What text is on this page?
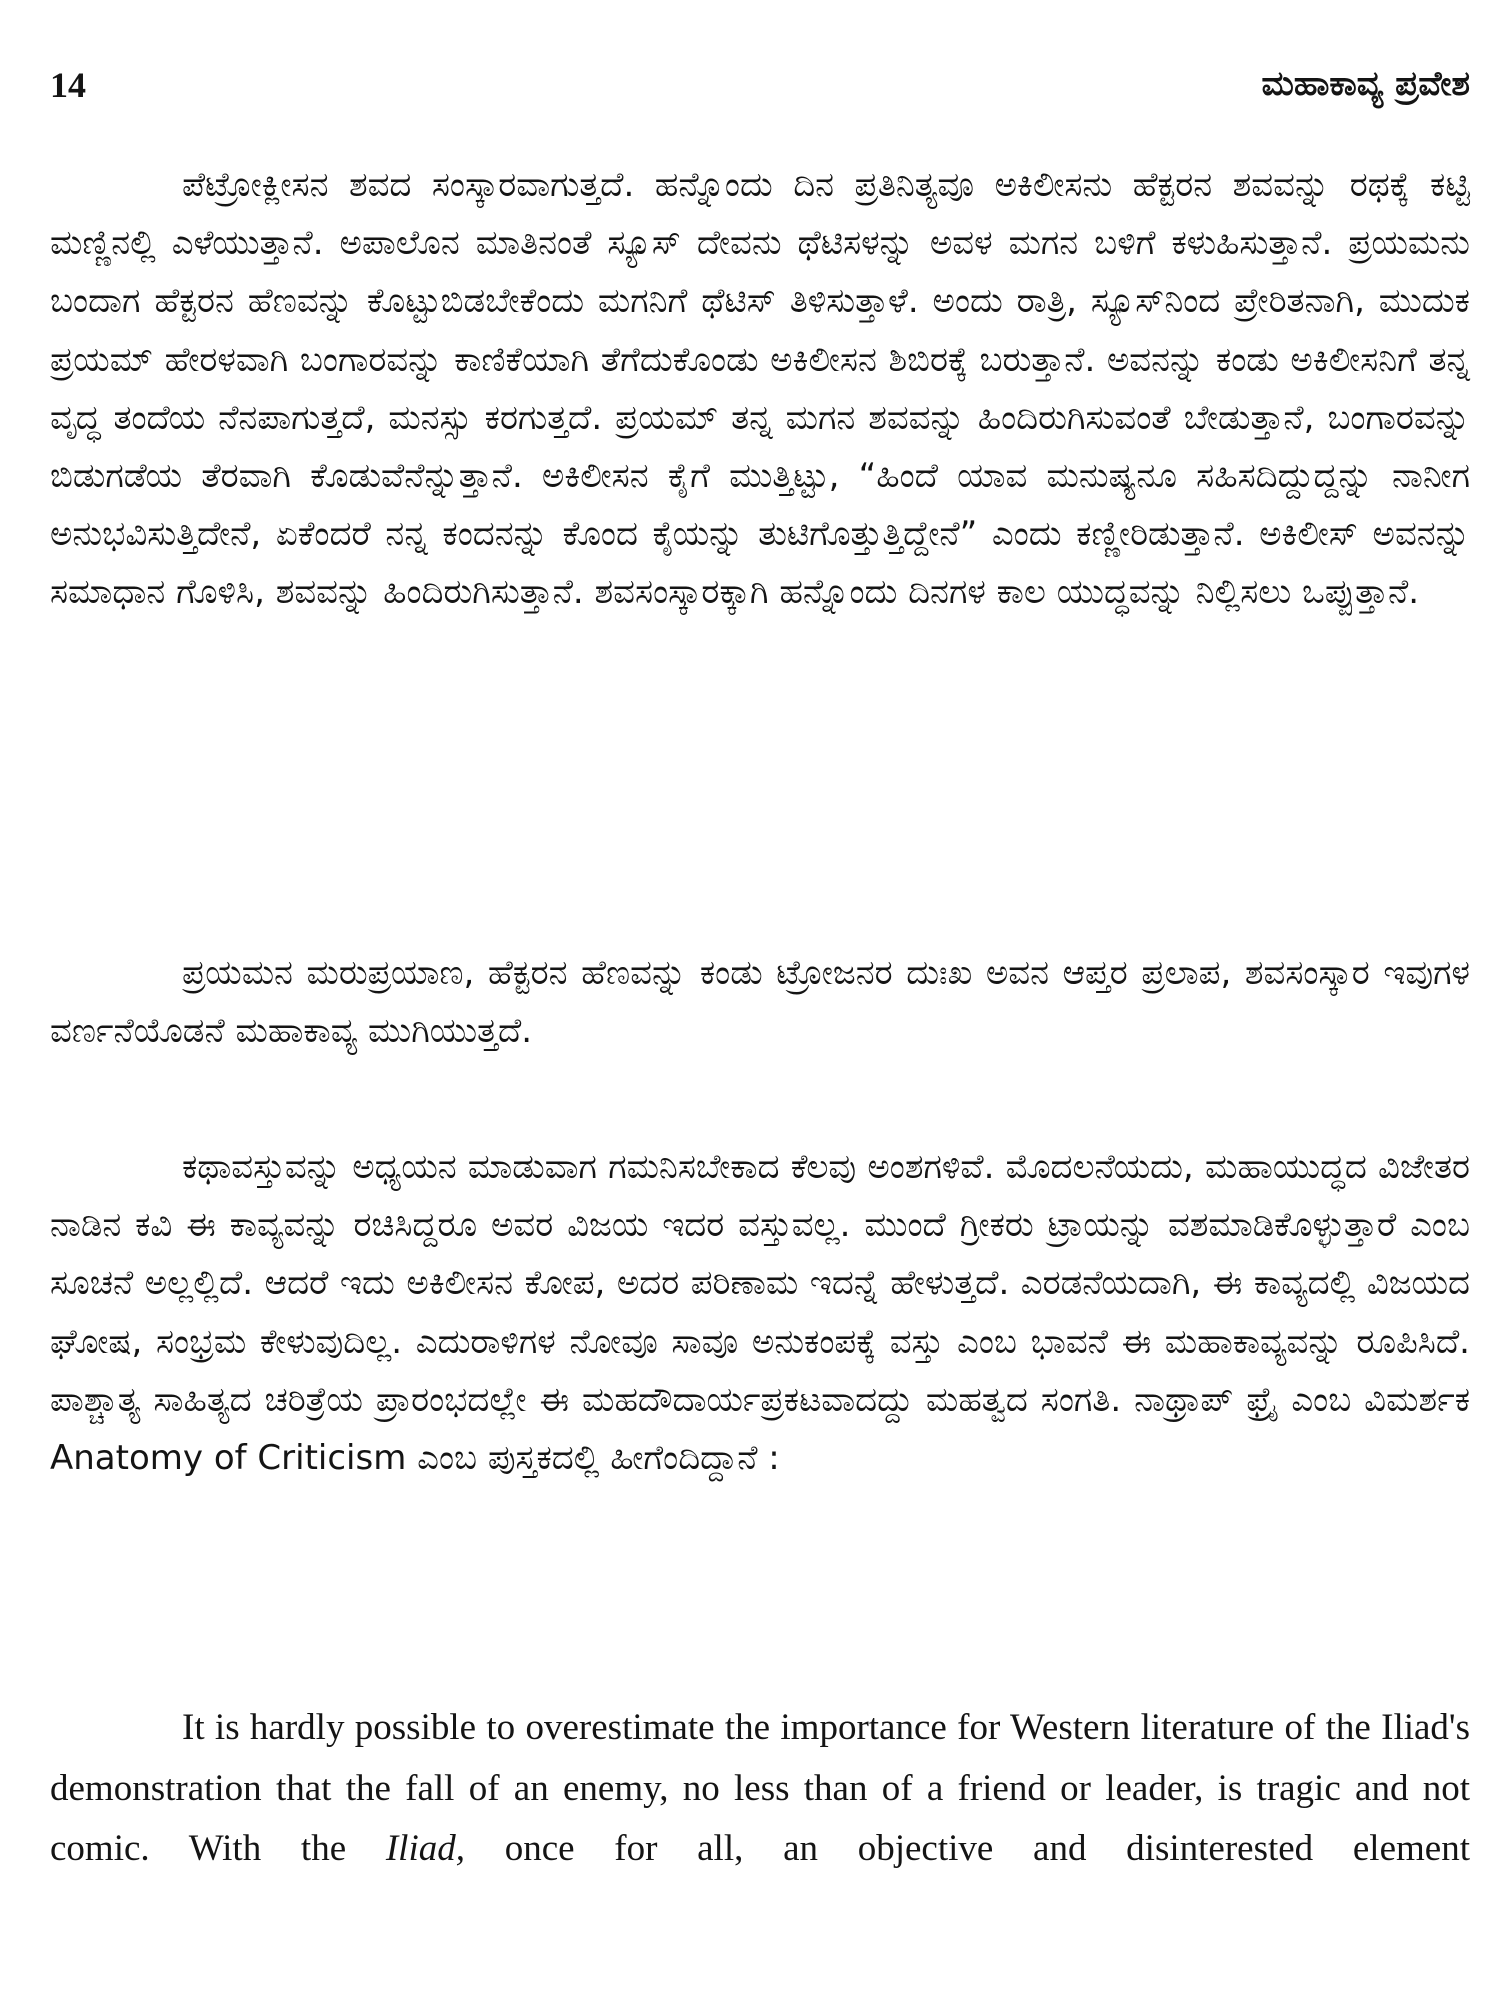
14	ಮಹಾಕಾವ್ಯ ಪ್ರವೇಶ

ಪೆಟ್ರೋಕ್ಲೀಸನ ಶವದ ಸಂಸ್ಕಾರವಾಗುತ್ತದೆ. ಹನ್ನೊಂದು ದಿನ ಪ್ರತಿನಿತ್ಯವೂ ಅಕಿಲೀಸನು ಹೆಕ್ಟರನ ಶವವನ್ನು ರಥಕ್ಕೆ ಕಟ್ಟಿ ಮಣ್ಣಿನಲ್ಲಿ ಎಳೆಯುತ್ತಾನೆ. ಅಪಾಲೊನ ಮಾತಿನಂತೆ ಸ್ಯೂಸ್ ದೇವನು ಥೆಟಿಸಳನ್ನು ಅವಳ ಮಗನ ಬಳಿಗೆ ಕಳುಹಿಸುತ್ತಾನೆ. ಪ್ರಯಮನು ಬಂದಾಗ ಹೆಕ್ಟರನ ಹೆಣವನ್ನು ಕೊಟ್ಟುಬಿಡಬೇಕೆಂದು ಮಗನಿಗೆ ಥೆಟಿಸ್ ತಿಳಿಸುತ್ತಾಳೆ. ಅಂದು ರಾತ್ರಿ, ಸ್ಯೂಸ್‌ನಿಂದ ಪ್ರೇರಿತನಾಗಿ, ಮುದುಕ ಪ್ರಯಮ್ ಹೇರಳವಾಗಿ ಬಂಗಾರವನ್ನು ಕಾಣಿಕೆಯಾಗಿ ತೆಗೆದುಕೊಂಡು ಅಕಿಲೀಸನ ಶಿಬಿರಕ್ಕೆ ಬರುತ್ತಾನೆ. ಅವನನ್ನು ಕಂಡು ಅಕಿಲೀಸನಿಗೆ ತನ್ನ ವೃದ್ಧ ತಂದೆಯ ನೆನಪಾಗುತ್ತದೆ, ಮನಸ್ಸು ಕರಗುತ್ತದೆ. ಪ್ರಯಮ್ ತನ್ನ ಮಗನ ಶವವನ್ನು ಹಿಂದಿರುಗಿಸುವಂತೆ ಬೇಡುತ್ತಾನೆ, ಬಂಗಾರವನ್ನು ಬಿಡುಗಡೆಯ ತೆರವಾಗಿ ಕೊಡುವೆನೆನ್ನುತ್ತಾನೆ. ಅಕಿಲೀಸನ ಕೈಗೆ ಮುತ್ತಿಟ್ಟು, “ಹಿಂದೆ ಯಾವ ಮನುಷ್ಯನೂ ಸಹಿಸದಿದ್ದುದ್ದನ್ನು ನಾನೀಗ ಅನುಭವಿಸುತ್ತಿದೇನೆ, ಏಕೆಂದರೆ ನನ್ನ ಕಂದನನ್ನು ಕೊಂದ ಕೈಯನ್ನು ತುಟಿಗೊತ್ತುತ್ತಿದ್ದೇನೆ” ಎಂದು ಕಣ್ಣೀರಿಡುತ್ತಾನೆ. ಅಕಿಲೀಸ್ ಅವನನ್ನು ಸಮಾಧಾನ ಗೊಳಿಸಿ, ಶವವನ್ನು ಹಿಂದಿರುಗಿಸುತ್ತಾನೆ. ಶವಸಂಸ್ಕಾರಕ್ಕಾಗಿ ಹನ್ನೊಂದು ದಿನಗಳ ಕಾಲ ಯುದ್ಧವನ್ನು ನಿಲ್ಲಿಸಲು ಒಪ್ಪುತ್ತಾನೆ.

ಪ್ರಯಮನ ಮರುಪ್ರಯಾಣ, ಹೆಕ್ಟರನ ಹೆಣವನ್ನು ಕಂಡು ಟ್ರೋಜನರ ದುಃಖ ಅವನ ಆಪ್ತರ ಪ್ರಲಾಪ, ಶವಸಂಸ್ಕಾರ ಇವುಗಳ ವರ್ಣನೆಯೊಡನೆ ಮಹಾಕಾವ್ಯ ಮುಗಿಯುತ್ತದೆ.

ಕಥಾವಸ್ತುವನ್ನು ಅಧ್ಯಯನ ಮಾಡುವಾಗ ಗಮನಿಸಬೇಕಾದ ಕೆಲವು ಅಂಶಗಳಿವೆ. ಮೊದಲನೆಯದು, ಮಹಾಯುದ್ಧದ ವಿಜೇತರ ನಾಡಿನ ಕವಿ ಈ ಕಾವ್ಯವನ್ನು ರಚಿಸಿದ್ದರೂ ಅವರ ವಿಜಯ ಇದರ ವಸ್ತುವಲ್ಲ. ಮುಂದೆ ಗ್ರೀಕರು ಟ್ರಾಯನ್ನು ವಶಮಾಡಿಕೊಳ್ಳುತ್ತಾರೆ ಎಂಬ ಸೂಚನೆ ಅಲ್ಲಲ್ಲಿದೆ. ಆದರೆ ಇದು ಅಕಿಲೀಸನ ಕೋಪ, ಅದರ ಪರಿಣಾಮ ಇದನ್ನೆ ಹೇಳುತ್ತದೆ. ಎರಡನೆಯದಾಗಿ, ಈ ಕಾವ್ಯದಲ್ಲಿ ವಿಜಯದ ಘೋಷ, ಸಂಭ್ರಮ ಕೇಳುವುದಿಲ್ಲ. ಎದುರಾಳಿಗಳ ನೋವೂ ಸಾವೂ ಅನುಕಂಪಕ್ಕೆ ವಸ್ತು ಎಂಬ ಭಾವನೆ ಈ ಮಹಾಕಾವ್ಯವನ್ನು ರೂಪಿಸಿದೆ. ಪಾಶ್ಚಾತ್ಯ ಸಾಹಿತ್ಯದ ಚರಿತ್ರೆಯ ಪ್ರಾರಂಭದಲ್ಲೇ ಈ ಮಹದೌದಾರ್ಯಪ್ರಕಟವಾದದ್ದು ಮಹತ್ವದ ಸಂಗತಿ. ನಾಥ್ರಾಪ್ ಫ್ರೈ ಎಂಬ ವಿಮರ್ಶಕ Anatomy of Criticism ಎಂಬ ಪುಸ್ತಕದಲ್ಲಿ ಹೀಗೆಂದಿದ್ದಾನೆ :

It is hardly possible to overestimate the importance for Western literature of the Iliad's demonstration that the fall of an enemy, no less than of a friend or leader, is tragic and not comic. With the Iliad, once for all, an objective and disinterested element
